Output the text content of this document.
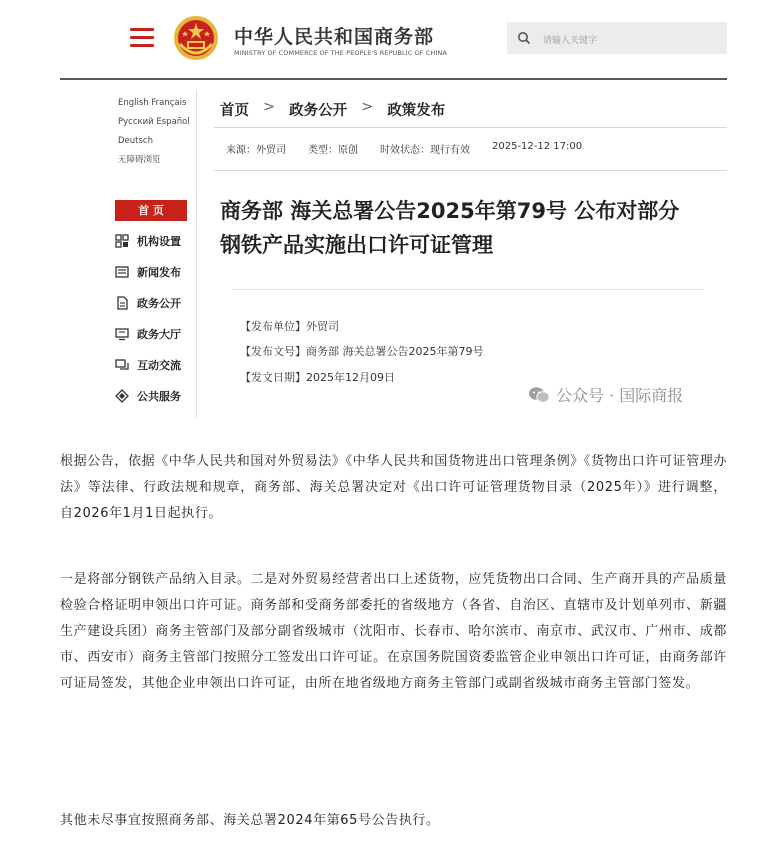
中华人民共和国商务部
MINISTRY OF COMMERCE OF THE PEOPLE'S REPUBLIC OF CHINA
请输入关键字
English Français
Русский Español
Deutsch
无障碍浏览
首 页
机构设置
新闻发布
政务公开
政务大厅
互动交流
公共服务
首页 > 政务公开 > 政策发布
来源：外贸司 类型：原创 时效状态：现行有效 2025-12-12 17:00
商务部 海关总署公告2025年第79号 公布对部分钢铁产品实施出口许可证管理
【发布单位】外贸司
【发布文号】商务部 海关总署公告2025年第79号
【发文日期】2025年12月09日
公众号 · 国际商报
根据公告，依据《中华人民共和国对外贸易法》《中华人民共和国货物进出口管理条例》《货物出口许可证管理办法》等法律、行政法规和规章，商务部、海关总署决定对《出口许可证管理货物目录（2025年）》进行调整，自2026年1月1日起执行。
一是将部分钢铁产品纳入目录。二是对外贸易经营者出口上述货物，应凭货物出口合同、生产商开具的产品质量检验合格证明申领出口许可证。商务部和受商务部委托的省级地方（各省、自治区、直辖市及计划单列市、新疆生产建设兵团）商务主管部门及部分副省级城市（沈阳市、长春市、哈尔滨市、南京市、武汉市、广州市、成都市、西安市）商务主管部门按照分工签发出口许可证。在京国务院国资委监管企业申领出口许可证，由商务部许可证局签发，其他企业申领出口许可证，由所在地省级地方商务主管部门或副省级城市商务主管部门签发。
其他未尽事宜按照商务部、海关总署2024年第65号公告执行。
